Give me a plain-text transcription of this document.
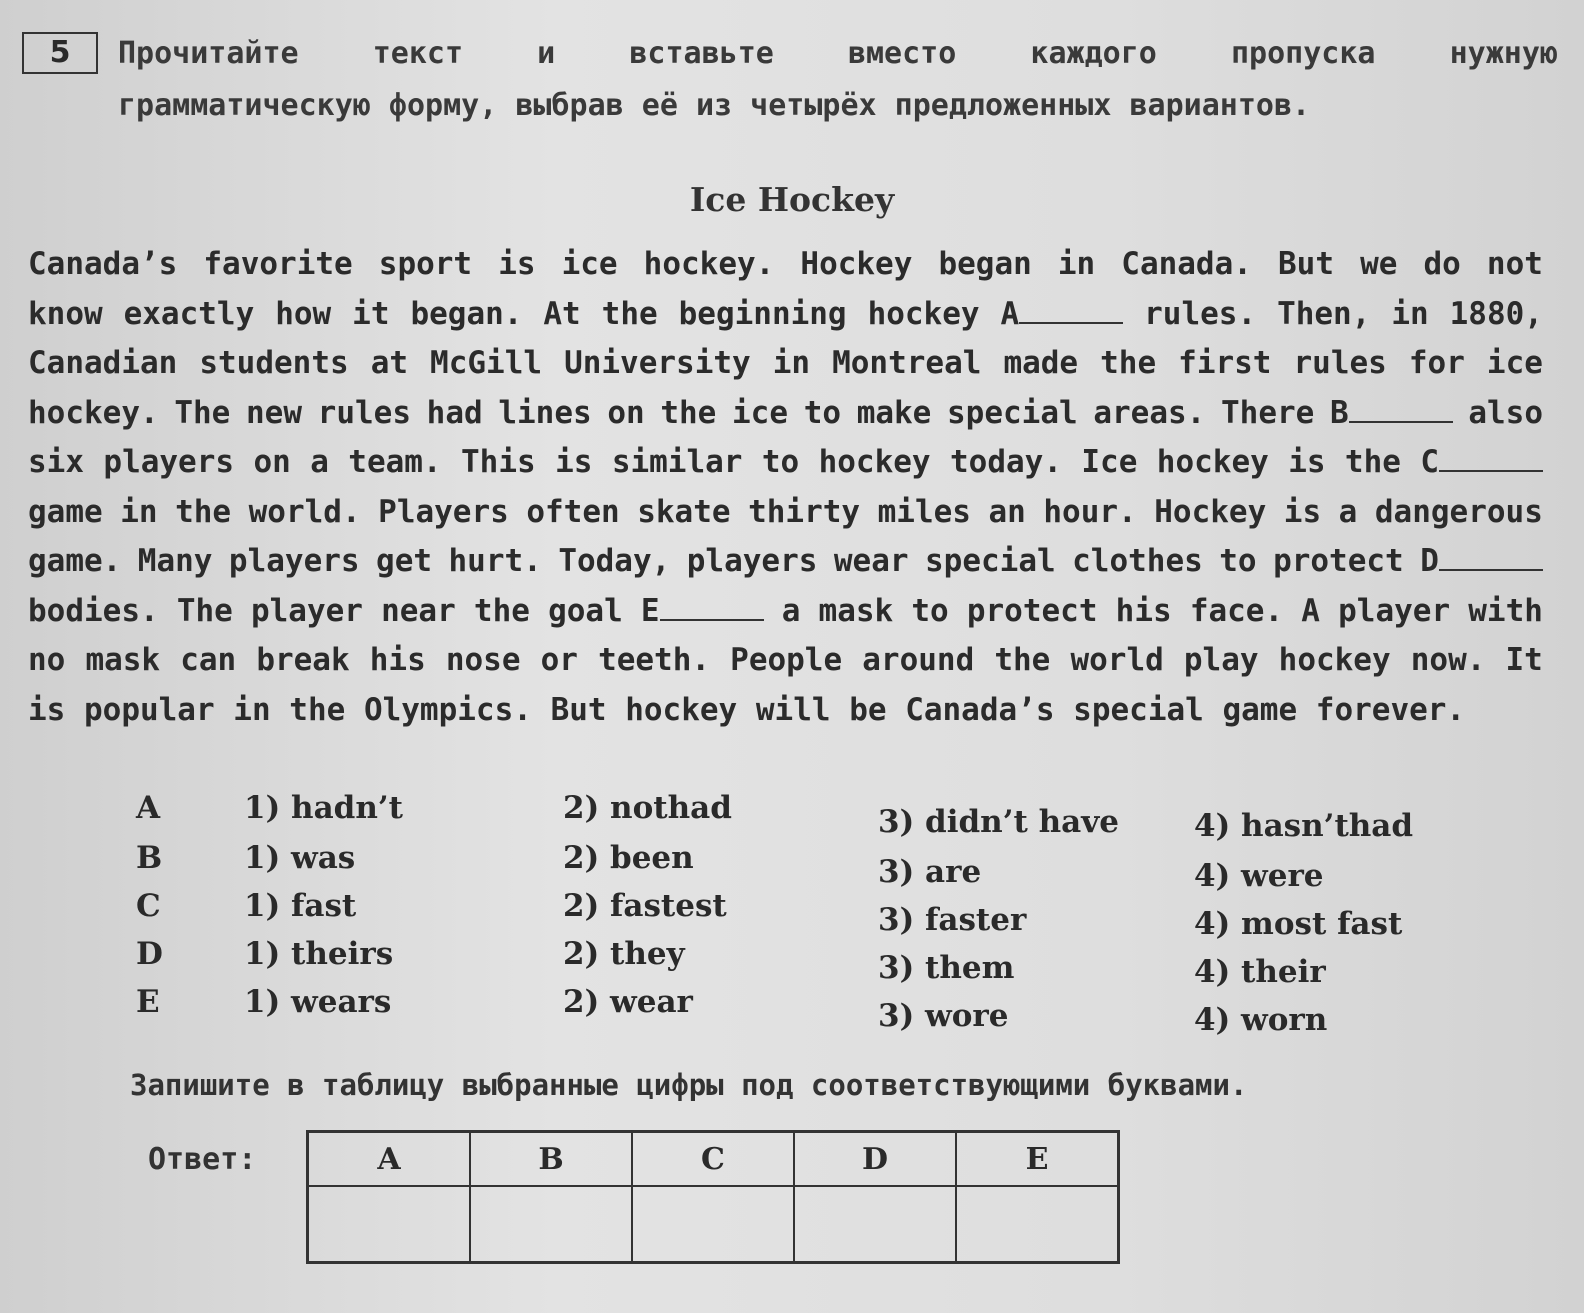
5	Прочитайте текст и вставьте вместо каждого пропуска нужную
грамматическую форму, выбрав её из четырёх предложенных вариантов.
Ice Hockey
Canada’s favorite sport is ice hockey. Hockey began in Canada. But we do not
know exactly how it began. At the beginning hockey A	rules. Then, in 1880,
Canadian students at McGill University in Montreal made the first rules for ice
hockey. The new rules had lines on the ice to make special areas. There B	also
six players on a team. This is similar to hockey today. Ice hockey is the C
game in the world. Players often skate thirty miles an hour. Hockey is a dangerous
game. Many players get hurt. Today, players wear special clothes to protect D
bodies. The player near the goal E	a mask to protect his face. A player with
no mask can break his nose or teeth. People around the world play hockey now. It
is popular in the Olympics. But hockey will be Canada’s special game forever.
A	1) hadn’t	2) nothad	3) didn’t have 4) hasn’thad
B	1) was	2) been	3) are	4) were
C	1) fast	2) fastest	3) faster	4) most fast
D	1) theirs	2) they	3) them	4) their
E	1) wears	2) wear	3) wore	4) worn
Запишите в таблицу выбранные цифры под соответствующими буквами.
Ответ:	A	B	C	D	E
